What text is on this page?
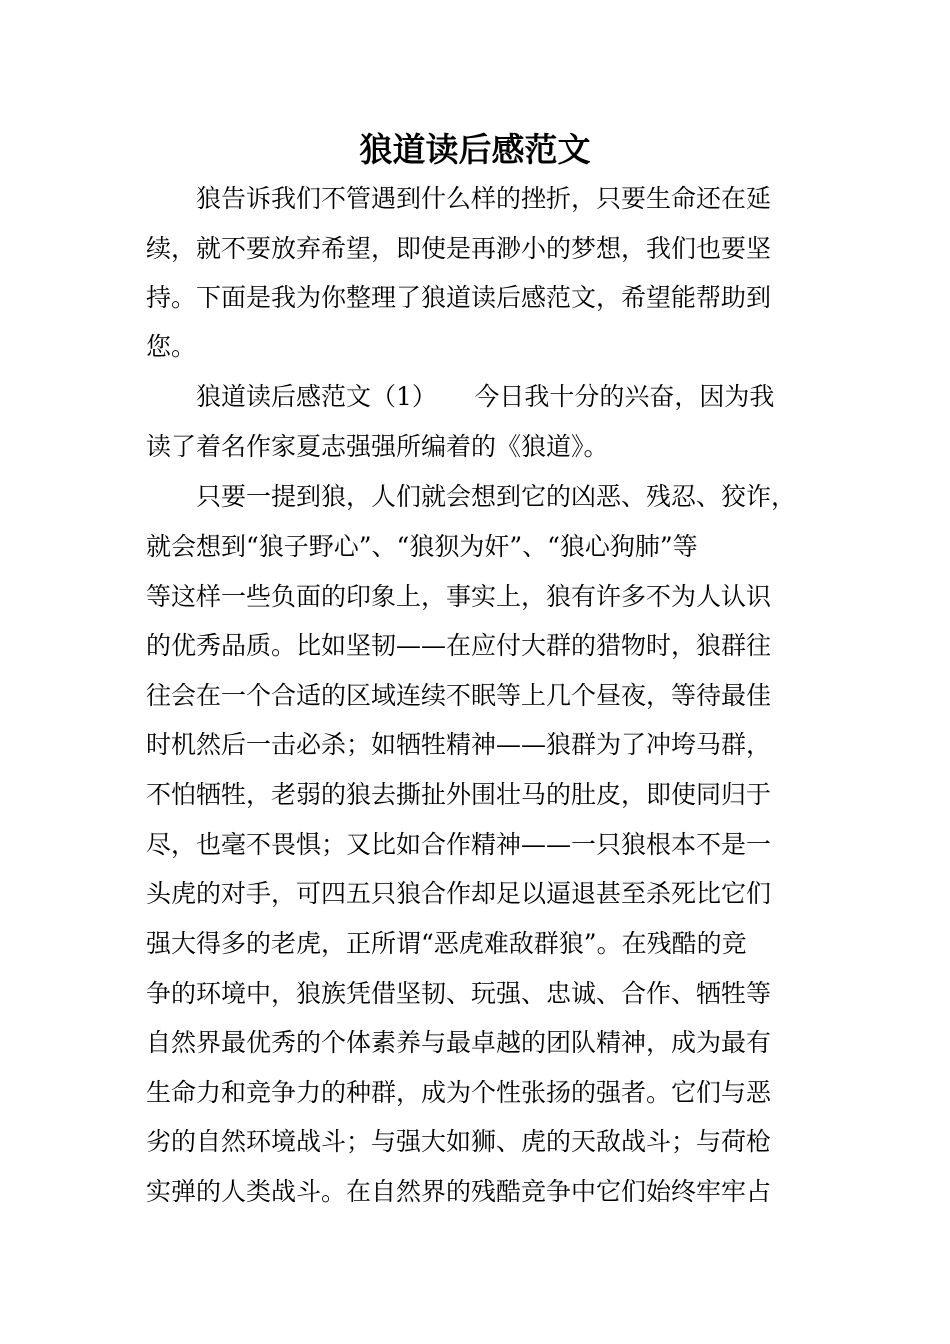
狼道读后感范文
狼告诉我们不管遇到什么样的挫折，只要生命还在延
续，就不要放弃希望，即使是再渺小的梦想，我们也要坚
持。下面是我为你整理了狼道读后感范文，希望能帮助到
您。
狼道读后感范文（1）　　今日我十分的兴奋，因为我
读了着名作家夏志强强所编着的《狼道》。
只要一提到狼，人们就会想到它的凶恶、残忍、狡诈，
就会想到“狼子野心”、“狼狈为奸”、“狼心狗肺”等
等这样一些负面的印象上，事实上，狼有许多不为人认识
的优秀品质。比如坚韧——在应付大群的猎物时，狼群往
往会在一个合适的区域连续不眠等上几个昼夜，等待最佳
时机然后一击必杀；如牺牲精神——狼群为了冲垮马群，
不怕牺牲，老弱的狼去撕扯外围壮马的肚皮，即使同归于
尽，也毫不畏惧；又比如合作精神——一只狼根本不是一
头虎的对手，可四五只狼合作却足以逼退甚至杀死比它们
强大得多的老虎，正所谓“恶虎难敌群狼”。在残酷的竞
争的环境中，狼族凭借坚韧、玩强、忠诚、合作、牺牲等
自然界最优秀的个体素养与最卓越的团队精神，成为最有
生命力和竞争力的种群，成为个性张扬的强者。它们与恶
劣的自然环境战斗；与强大如狮、虎的天敌战斗；与荷枪
实弹的人类战斗。在自然界的残酷竞争中它们始终牢牢占
